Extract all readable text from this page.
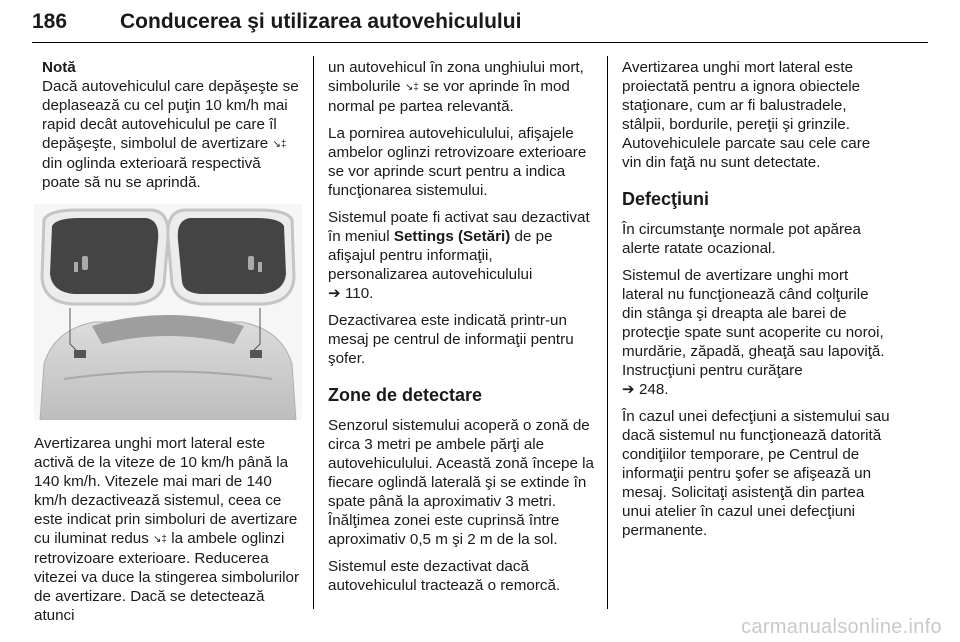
186	Conducerea şi utilizarea autovehiculului
Notă

Dacă autovehiculul care depăşeşte se deplasează cu cel puţin 10 km/h mai rapid decât autovehiculul pe care îl depăşeşte, simbolul de avertizare ↘‡ din oglinda exterioară respectivă poate să nu se aprindă.

Avertizarea unghi mort lateral este activă de la viteze de 10 km/h până la 140 km/h. Vitezele mai mari de 140 km/h dezactivează sistemul, ceea ce este indicat prin simboluri de avertizare cu iluminat redus ↘‡ la ambele oglinzi retrovizoare exterioare. Reducerea vitezei va duce la stingerea simbolurilor de avertizare. Dacă se detectează atunci

un autovehicul în zona unghiului mort, simbolurile ↘‡ se vor aprinde în mod normal pe partea relevantă.

La pornirea autovehiculului, afişajele ambelor oglinzi retrovizoare exterioare se vor aprinde scurt pentru a indica funcţionarea sistemului.

Sistemul poate fi activat sau dezactivat în meniul Settings (Setări) de pe afişajul pentru informaţii, personalizarea autovehiculului
➔ 110.

Dezactivarea este indicată printr-un mesaj pe centrul de informaţii pentru şofer.

Zone de detectare

Senzorul sistemului acoperă o zonă de circa 3 metri pe ambele părţi ale autovehiculului. Această zonă începe la fiecare oglindă laterală şi se extinde în spate până la aproximativ 3 metri. Înălţimea zonei este cuprinsă între aproximativ 0,5 m şi 2 m de la sol.

Sistemul este dezactivat dacă autovehiculul tractează o remorcă.

Avertizarea unghi mort lateral este proiectată pentru a ignora obiectele staţionare, cum ar fi balustradele, stâlpii, bordurile, pereţii şi grinzile. Autovehiculele parcate sau cele care vin din faţă nu sunt detectate.

Defecţiuni

În circumstanţe normale pot apărea alerte ratate ocazional.

Sistemul de avertizare unghi mort lateral nu funcţionează când colţurile din stânga şi dreapta ale barei de protecţie spate sunt acoperite cu noroi, murdărie, zăpadă, gheaţă sau lapoviţă. Instrucţiuni pentru curăţare
➔ 248.

În cazul unei defecţiuni a sistemului sau dacă sistemul nu funcţionează datorită condiţiilor temporare, pe Centrul de informaţii pentru şofer se afişează un mesaj. Solicitaţi asistenţă din partea unui atelier în cazul unei defecţiuni permanente.

carmanualsonline.info
